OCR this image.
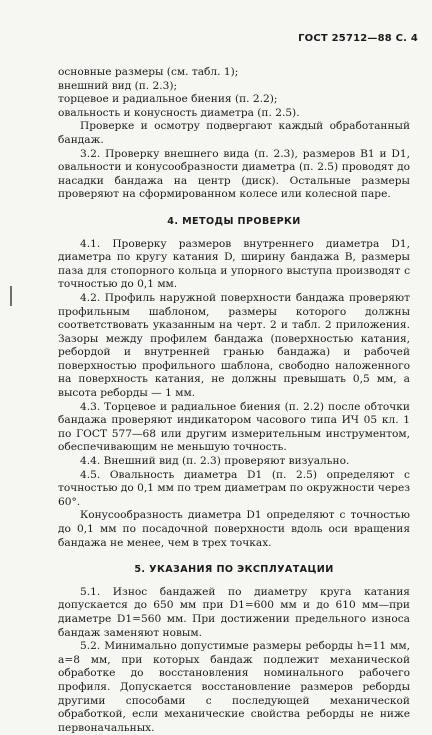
ГОСТ 25712—88 С. 4

основные размеры (см. табл. 1);

внешний вид (п. 2.3);

торцевое и радиальное биения (п. 2.2);

овальность и конусность диаметра (п. 2.5).

Проверке и осмотру подвергают каждый обработанный бандаж.

3.2. Проверку внешнего вида (п. 2.3), размеров B1 и D1, овальности и конусообразности диаметра (п. 2.5) проводят до насадки бандажа на центр (диск). Остальные размеры проверяют на сформированном колесе или колесной паре.

4. МЕТОДЫ ПРОВЕРКИ

4.1. Проверку размеров внутреннего диаметра D1, диаметра по кругу катания D, ширину бандажа B, размеры паза для стопорного кольца и упорного выступа производят с точностью до 0,1 мм.

4.2. Профиль наружной поверхности бандажа проверяют профильным шаблоном, размеры которого должны соответствовать указанным на черт. 2 и табл. 2 приложения. Зазоры между профилем бандажа (поверхностью катания, ребордой и внутренней гранью бандажа) и рабочей поверхностью профильного шаблона, свободно наложенного на поверхность катания, не должны превышать 0,5 мм, а высота реборды — 1 мм.

4.3. Торцевое и радиальное биения (п. 2.2) после обточки бандажа проверяют индикатором часового типа ИЧ 05 кл. 1 по ГОСТ 577—68 или другим измерительным инструментом, обеспечивающим не меньшую точность.

4.4. Внешний вид (п. 2.3) проверяют визуально.

4.5. Овальность диаметра D1 (п. 2.5) определяют с точностью до 0,1 мм по трем диаметрам по окружности через 60°.

Конусообразность диаметра D1 определяют с точностью до 0,1 мм по посадочной поверхности вдоль оси вращения бандажа не менее, чем в трех точках.

5. УКАЗАНИЯ ПО ЭКСПЛУАТАЦИИ

5.1. Износ бандажей по диаметру круга катания допускается до 650 мм при D1=600 мм и до 610 мм—при диаметре D1=560 мм. При достижении предельного износа бандаж заменяют новым.

5.2. Минимально допустимые размеры реборды h=11 мм, a=8 мм, при которых бандаж подлежит механической обработке до восстановления номинального рабочего профиля. Допускается восстановление размеров реборды другими способами с последующей механической обработкой, если механические свойства реборды не ниже первоначальных.
